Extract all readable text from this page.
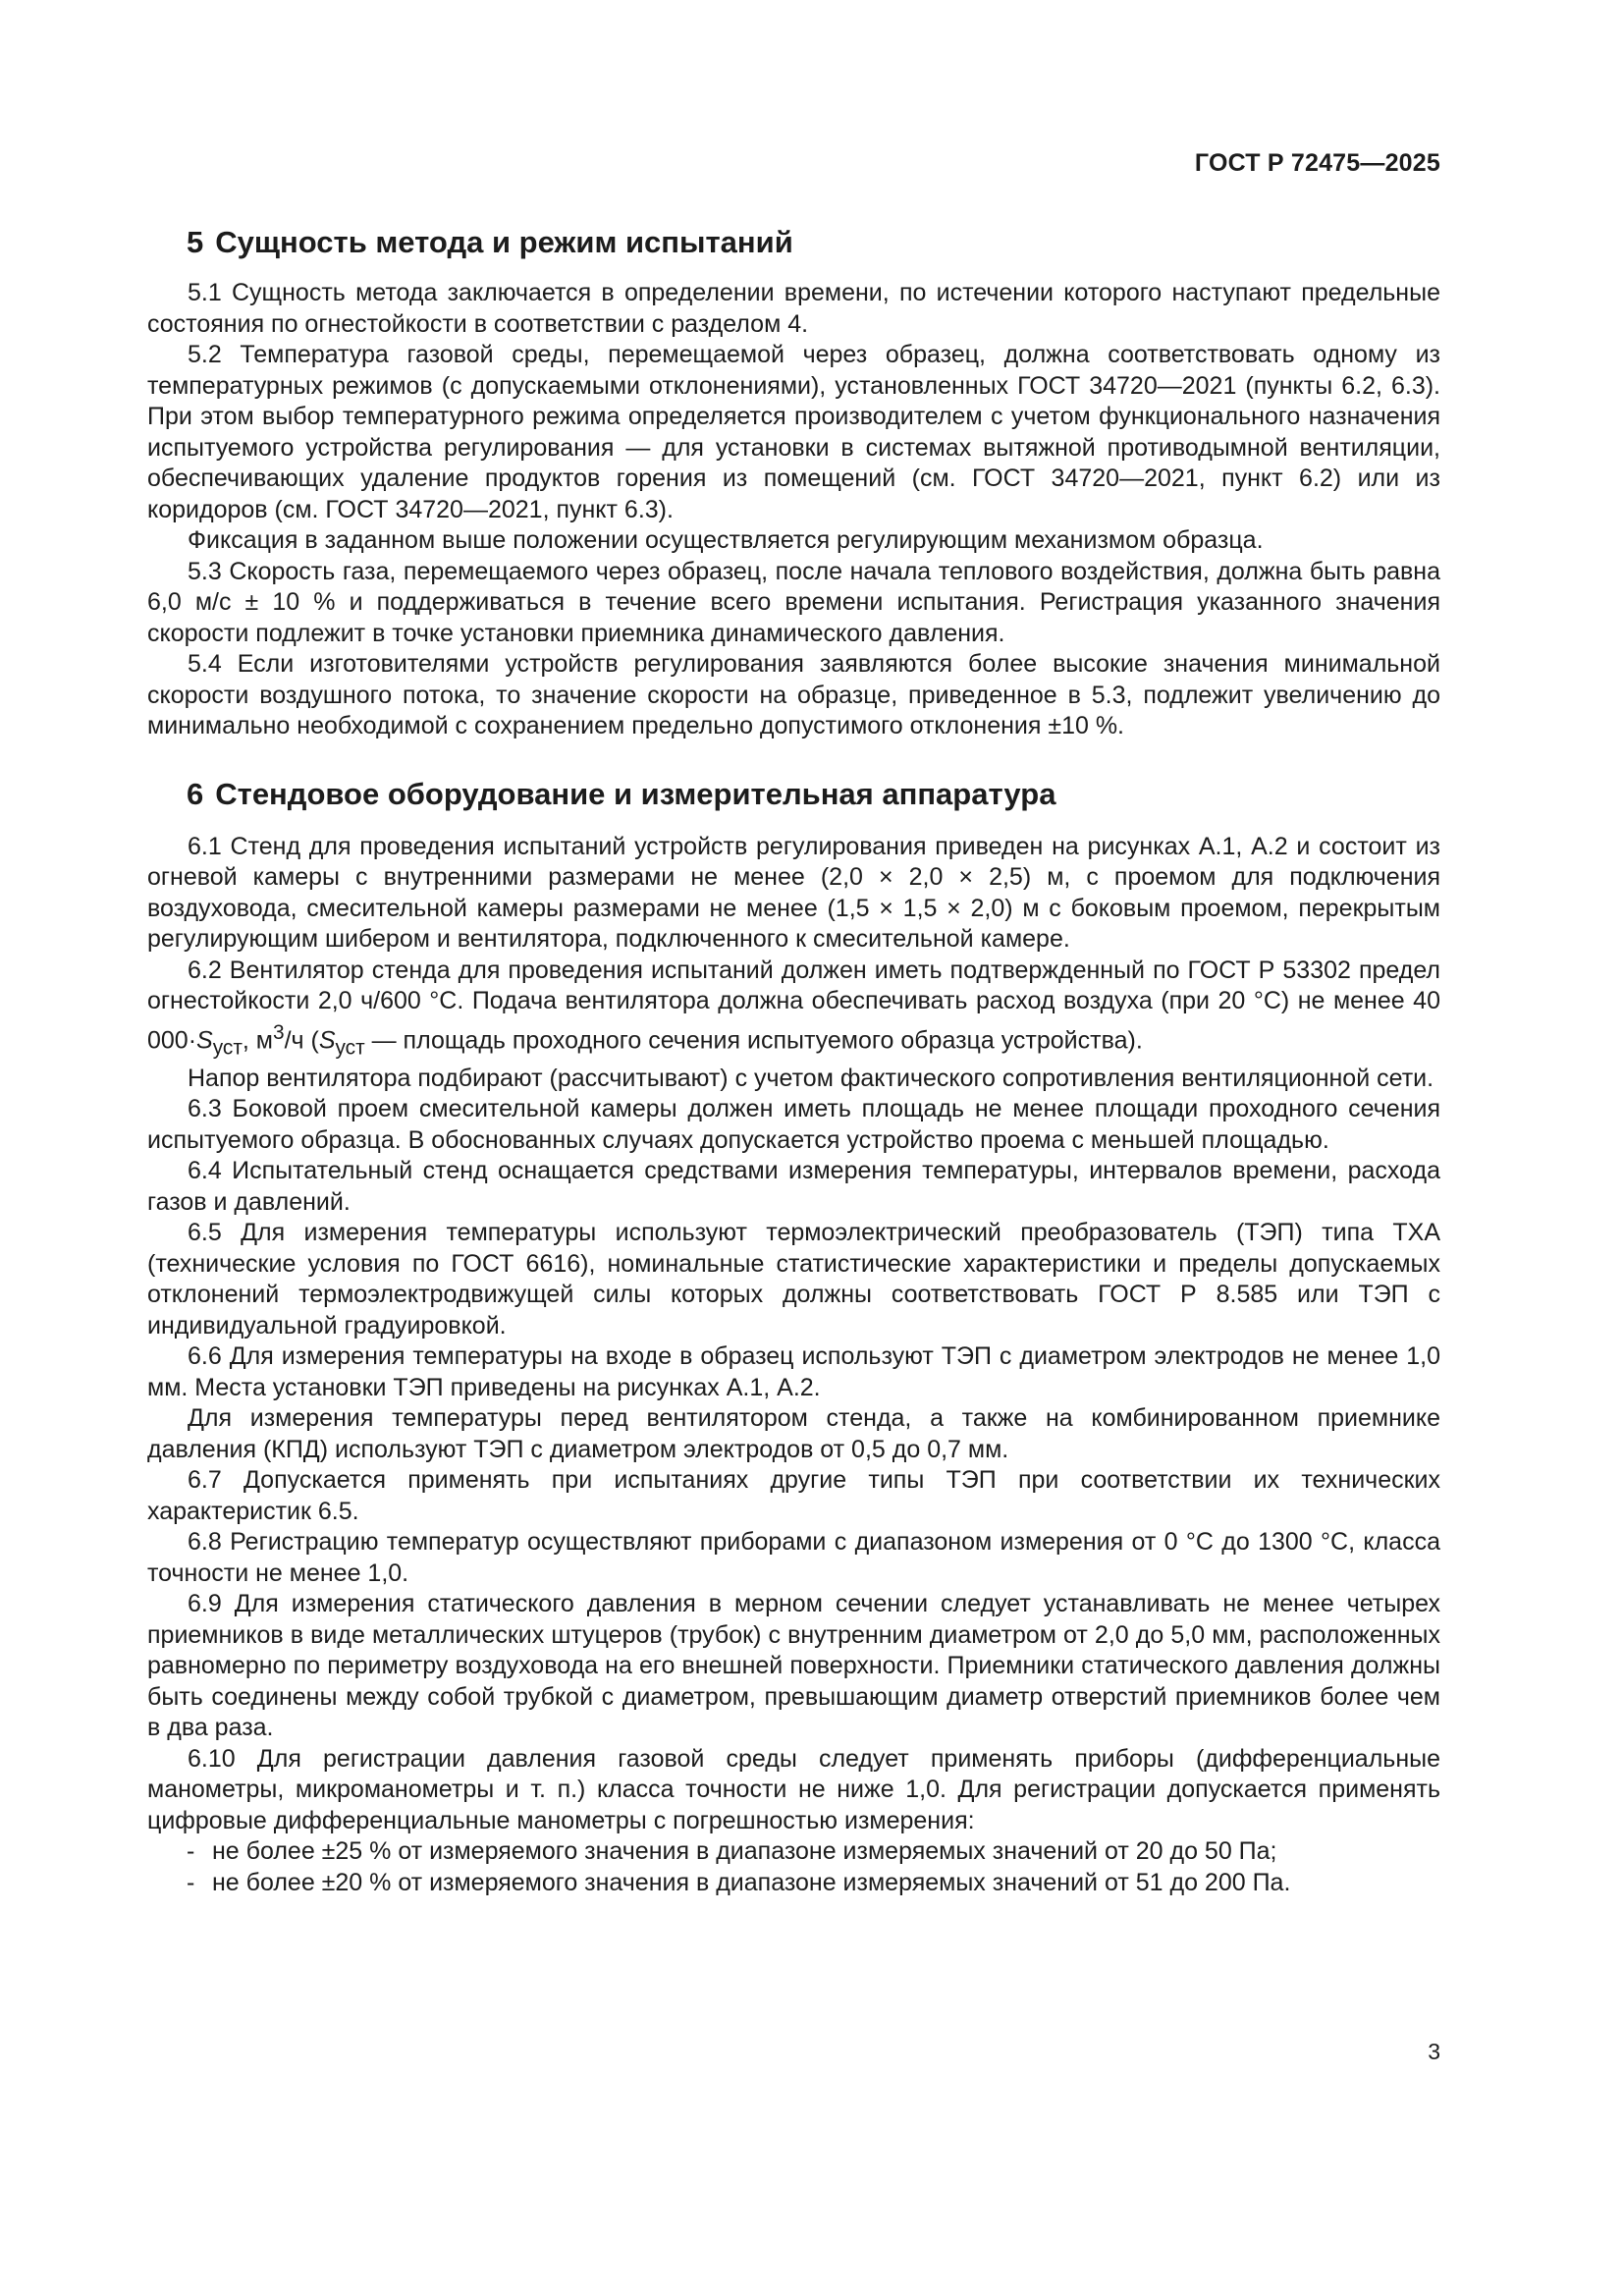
ГОСТ Р 72475—2025
5 Сущность метода и режим испытаний

5.1 Сущность метода заключается в определении времени, по истечении которого наступают предельные состояния по огнестойкости в соответствии с разделом 4.

5.2 Температура газовой среды, перемещаемой через образец, должна соответствовать одному из температурных режимов (с допускаемыми отклонениями), установленных ГОСТ 34720—2021 (пункты 6.2, 6.3). При этом выбор температурного режима определяется производителем с учетом функционального назначения испытуемого устройства регулирования — для установки в системах вытяжной противодымной вентиляции, обеспечивающих удаление продуктов горения из помещений (см. ГОСТ 34720—2021, пункт 6.2) или из коридоров (см. ГОСТ 34720—2021, пункт 6.3).

Фиксация в заданном выше положении осуществляется регулирующим механизмом образца.

5.3 Скорость газа, перемещаемого через образец, после начала теплового воздействия, должна быть равна 6,0 м/с ± 10 % и поддерживаться в течение всего времени испытания. Регистрация указанного значения скорости подлежит в точке установки приемника динамического давления.

5.4 Если изготовителями устройств регулирования заявляются более высокие значения минимальной скорости воздушного потока, то значение скорости на образце, приведенное в 5.3, подлежит увеличению до минимально необходимой с сохранением предельно допустимого отклонения ±10 %.

6 Стендовое оборудование и измерительная аппаратура

6.1 Стенд для проведения испытаний устройств регулирования приведен на рисунках А.1, А.2 и состоит из огневой камеры с внутренними размерами не менее (2,0 × 2,0 × 2,5) м, с проемом для подключения воздуховода, смесительной камеры размерами не менее (1,5 × 1,5 × 2,0) м с боковым проемом, перекрытым регулирующим шибером и вентилятора, подключенного к смесительной камере.

6.2 Вентилятор стенда для проведения испытаний должен иметь подтвержденный по ГОСТ Р 53302 предел огнестойкости 2,0 ч/600 °С. Подача вентилятора должна обеспечивать расход воздуха (при 20 °С) не менее 40 $000\cdot S_{уст}$, $м^3/ч$ ($S_{уст}$ — площадь проходного сечения испытуемого образца устройства).

Напор вентилятора подбирают (рассчитывают) с учетом фактического сопротивления вентиляционной сети.

6.3 Боковой проем смесительной камеры должен иметь площадь не менее площади проходного сечения испытуемого образца. В обоснованных случаях допускается устройство проема с меньшей площадью.

6.4 Испытательный стенд оснащается средствами измерения температуры, интервалов времени, расхода газов и давлений.

6.5 Для измерения температуры используют термоэлектрический преобразователь (ТЭП) типа ТХА (технические условия по ГОСТ 6616), номинальные статистические характеристики и пределы допускаемых отклонений термоэлектродвижущей силы которых должны соответствовать ГОСТ Р 8.585 или ТЭП с индивидуальной градуировкой.

6.6 Для измерения температуры на входе в образец используют ТЭП с диаметром электродов не менее 1,0 мм. Места установки ТЭП приведены на рисунках А.1, А.2.

Для измерения температуры перед вентилятором стенда, а также на комбинированном приемнике давления (КПД) используют ТЭП с диаметром электродов от 0,5 до 0,7 мм.

6.7 Допускается применять при испытаниях другие типы ТЭП при соответствии их технических характеристик 6.5.

6.8 Регистрацию температур осуществляют приборами с диапазоном измерения от 0 °С до 1300 °С, класса точности не менее 1,0.

6.9 Для измерения статического давления в мерном сечении следует устанавливать не менее четырех приемников в виде металлических штуцеров (трубок) с внутренним диаметром от 2,0 до 5,0 мм, расположенных равномерно по периметру воздуховода на его внешней поверхности. Приемники статического давления должны быть соединены между собой трубкой с диаметром, превышающим диаметр отверстий приемников более чем в два раза.

6.10 Для регистрации давления газовой среды следует применять приборы (дифференциальные манометры, микроманометры и т. п.) класса точности не ниже 1,0. Для регистрации допускается применять цифровые дифференциальные манометры с погрешностью измерения:

- не более ±25 % от измеряемого значения в диапазоне измеряемых значений от 20 до 50 Па;
- не более ±20 % от измеряемого значения в диапазоне измеряемых значений от 51 до 200 Па.
3
